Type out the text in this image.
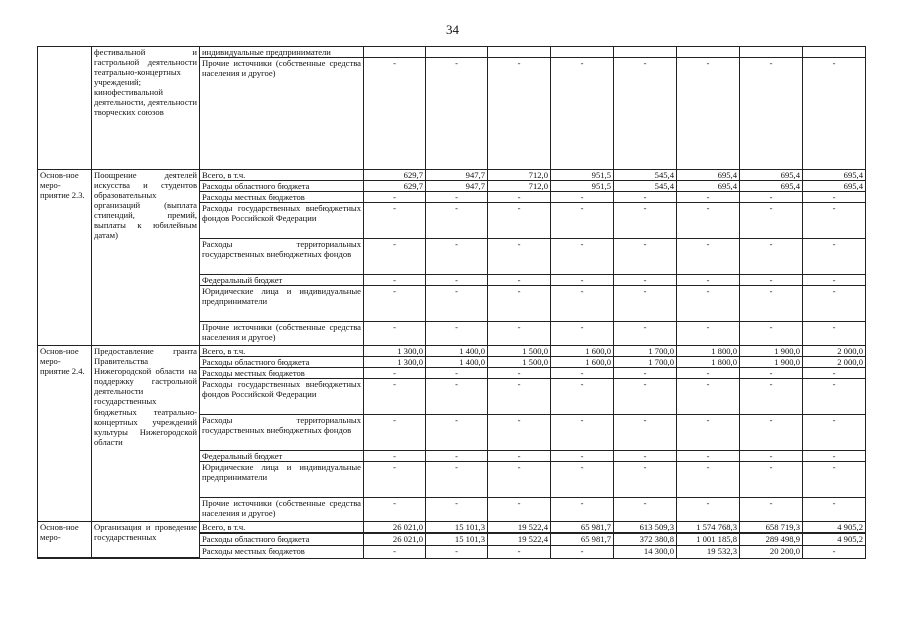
34
	фестивальной и гастрольной деятельности театрально-концертных учреждений; кинофестивальной деятельности, деятельности творческих союзов	индивидуальные предприниматели								
		Прочие источники (собственные средства населения и другое)	-	-	-	-	-	-	-	-
Основ-ное меро-приятие 2.3.	Поощрение деятелей искусства и студентов образовательных организаций (выплата стипендий, премий, выплаты к юбилейным датам)	Всего, в т.ч.	629,7	947,7	712,0	951,5	545,4	695,4	695,4	695,4
		Расходы областного бюджета	629,7	947,7	712,0	951,5	545,4	695,4	695,4	695,4
		Расходы местных бюджетов	-	-	-	-	-	-	-	-
		Расходы государственных внебюджетных фондов Российской Федерации	-	-	-	-	-	-	-	-
		Расходы территориальных государственных внебюджетных фондов	-	-	-	-	-	-	-	-
		Федеральный бюджет	-	-	-	-	-	-	-	-
		Юридические лица и индивидуальные предприниматели	-	-	-	-	-	-	-	-
		Прочие источники (собственные средства населения и другое)	-	-	-	-	-	-	-	-
Основ-ное меро-приятие 2.4.	Предоставление гранта Правительства Нижегородской области на поддержку гастрольной деятельности государственных бюджетных театрально-концертных учреждений культуры Нижегородской области	Всего, в т.ч.	1 300,0	1 400,0	1 500,0	1 600,0	1 700,0	1 800,0	1 900,0	2 000,0
		Расходы областного бюджета	1 300,0	1 400,0	1 500,0	1 600,0	1 700,0	1 800,0	1 900,0	2 000,0
		Расходы местных бюджетов	-	-	-	-	-	-	-	-
		Расходы государственных внебюджетных фондов Российской Федерации	-	-	-	-	-	-	-	-
		Расходы территориальных государственных внебюджетных фондов	-	-	-	-	-	-	-	-
		Федеральный бюджет	-	-	-	-	-	-	-	-
		Юридические лица и индивидуальные предприниматели	-	-	-	-	-	-	-	-
		Прочие источники (собственные средства населения и другое)	-	-	-	-	-	-	-	-
Основ-ное меро-	Организация и проведение государственных	Всего, в т.ч.	26 021,0	15 101,3	19 522,4	65 981,7	613 509,3	1 574 768,3	658 719,3	4 905,2
		Расходы областного бюджета	26 021,0	15 101,3	19 522,4	65 981,7	372 380,8	1 001 185,8	289 498,9	4 905,2
		Расходы местных бюджетов	-	-	-	-	14 300,0	19 532,3	20 200,0	-
